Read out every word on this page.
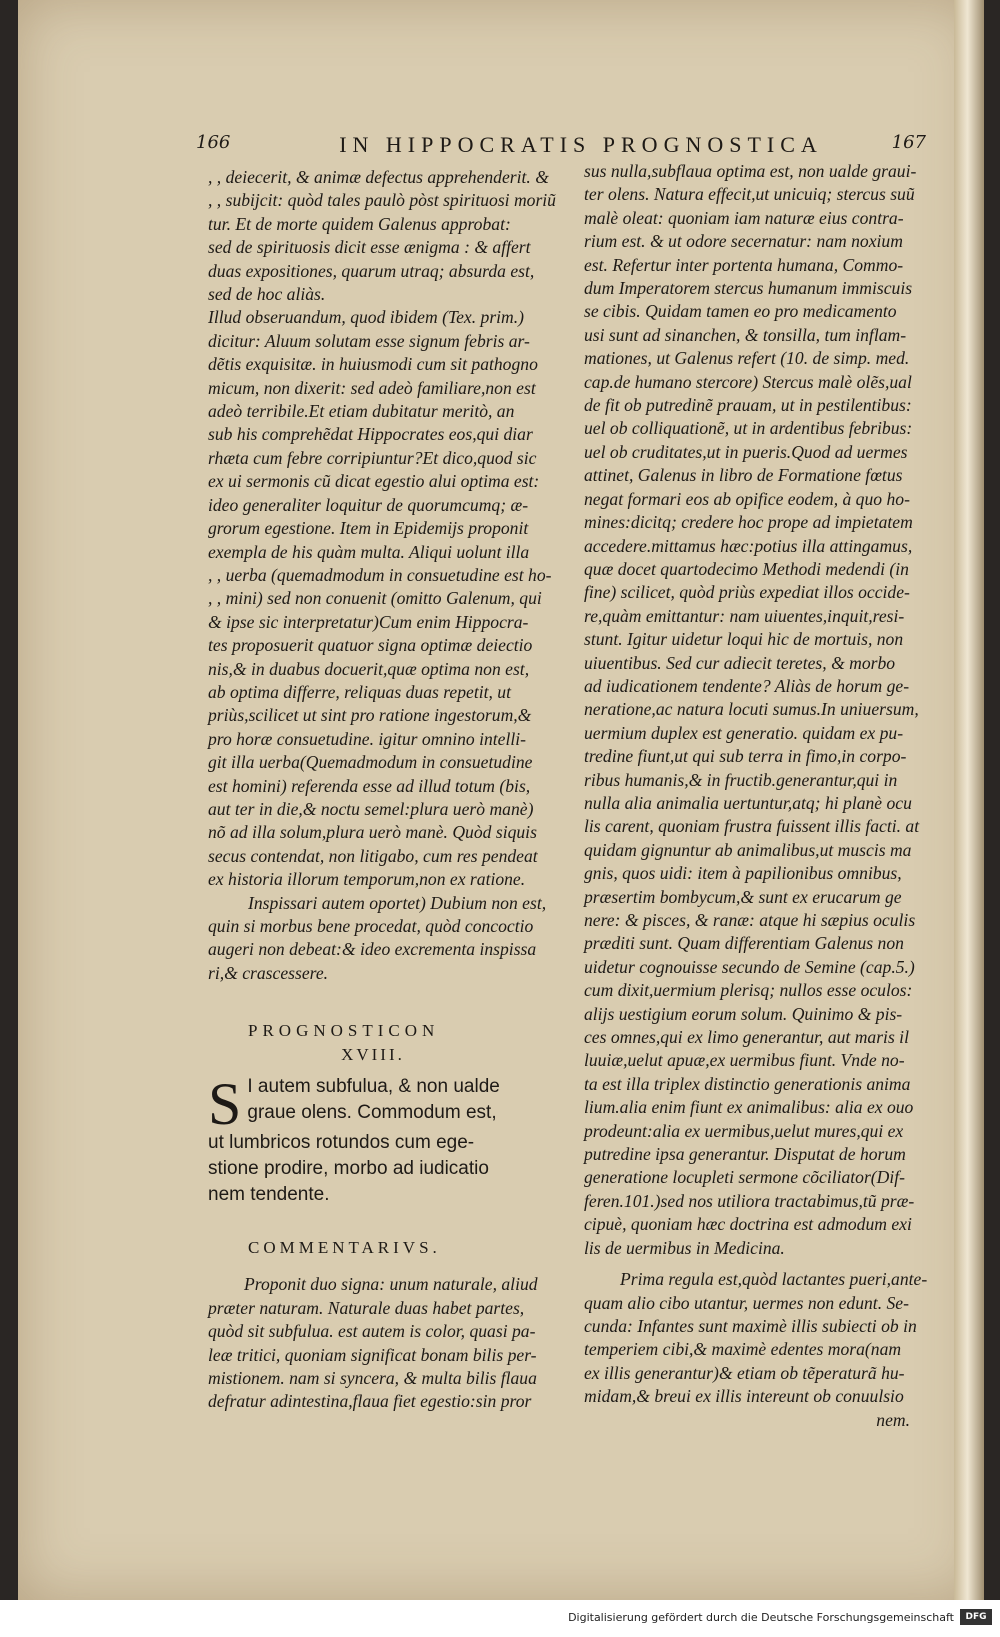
166	IN HIPPOCRATIS PROGNOSTICA	167
, , deiecerit, & animæ defectus apprehenderit. &
, , subijcit: quòd tales paulò pòst spirituosi moriũ
tur. Et de morte quidem Galenus approbat:
sed de spirituosis dicit esse ænigma : & affert
duas expositiones, quarum utraq; absurda est,
sed de hoc aliàs.
Illud obseruandum, quod ibidem (Tex. prim.)
dicitur: Aluum solutam esse signum febris ar-
dẽtis exquisitæ. in huiusmodi cum sit pathogno
micum, non dixerit: sed adeò familiare,non est
adeò terribile.Et etiam dubitatur meritò, an
sub his comprehẽdat Hippocrates eos,qui diar
rhæta cum febre corripiuntur?Et dico,quod sic
ex ui sermonis cũ dicat egestio alui optima est:
ideo generaliter loquitur de quorumcumq; æ-
grorum egestione. Item in Epidemijs proponit
exempla de his quàm multa. Aliqui uolunt illa
, , uerba (quemadmodum in consuetudine est ho-
, , mini) sed non conuenit (omitto Galenum, qui
& ipse sic interpretatur)Cum enim Hippocra-
tes proposuerit quatuor signa optimæ deiectio
nis,& in duabus docuerit,quæ optima non est,
ab optima differre, reliquas duas repetit, ut
priùs,scilicet ut sint pro ratione ingestorum,&
pro horæ consuetudine. igitur omnino intelli-
git illa uerba(Quemadmodum in consuetudine
est homini) referenda esse ad illud totum (bis,
aut ter in die,& noctu semel:plura uerò manè)
nõ ad illa solum,plura uerò manè. Quòd siquis
secus contendat, non litigabo, cum res pendeat
ex historia illorum temporum,non ex ratione.
Inspissari autem oportet) Dubium non est,
quin si morbus bene procedat, quòd concoctio
augeri non debeat:& ideo excrementa inspissa
ri,& crascessere.
PROGNOSTICON
XVIII.
S I autem subfulua, & non ualde
graue olens. Commodum est,
ut lumbricos rotundos cum ege-
stione prodire, morbo ad iudicatio
nem tendente.
COMMENTARIVS.
Proponit duo signa: unum naturale, aliud
præter naturam. Naturale duas habet partes,
quòd sit subfulua. est autem is color, quasi pa-
leæ tritici, quoniam significat bonam bilis per-
mistionem. nam si syncera, & multa bilis flaua
defratur adintestina,flaua fiet egestio:sin pror
sus nulla,subflaua optima est, non ualde graui-
ter olens. Natura effecit,ut unicuiq; stercus suũ
malè oleat: quoniam iam naturæ eius contra-
rium est. & ut odore secernatur: nam noxium
est. Refertur inter portenta humana, Commo-
dum Imperatorem stercus humanum immiscuis
se cibis. Quidam tamen eo pro medicamento
usi sunt ad sinanchen, & tonsilla, tum inflam-
mationes, ut Galenus refert (10. de simp. med.
cap.de humano stercore) Stercus malè olẽs,ual
de fit ob putredinẽ prauam, ut in pestilentibus:
uel ob colliquationẽ, ut in ardentibus febribus:
uel ob cruditates,ut in pueris.Quod ad uermes
attinet, Galenus in libro de Formatione fœtus
negat formari eos ab opifice eodem, à quo ho-
mines:dicitq; credere hoc prope ad impietatem
accedere.mittamus hæc:potius illa attingamus,
quæ docet quartodecimo Methodi medendi (in
fine) scilicet, quòd priùs expediat illos occide-
re,quàm emittantur: nam uiuentes,inquit,resi-
stunt. Igitur uidetur loqui hic de mortuis, non
uiuentibus. Sed cur adiecit teretes, & morbo
ad iudicationem tendente? Aliàs de horum ge-
neratione,ac natura locuti sumus.In uniuersum,
uermium duplex est generatio. quidam ex pu-
tredine fiunt,ut qui sub terra in fimo,in corpo-
ribus humanis,& in fructib.generantur,qui in
nulla alia animalia uertuntur,atq; hi planè ocu
lis carent, quoniam frustra fuissent illis facti. at
quidam gignuntur ab animalibus,ut muscis ma
gnis, quos uidi: item à papilionibus omnibus,
præsertim bombycum,& sunt ex erucarum ge
nere: & pisces, & ranæ: atque hi sæpius oculis
præditi sunt. Quam differentiam Galenus non
uidetur cognouisse secundo de Semine (cap.5.)
cum dixit,uermium plerisq; nullos esse oculos:
alijs uestigium eorum solum. Quinimo & pis-
ces omnes,qui ex limo generantur, aut maris il
luuiæ,uelut apuæ,ex uermibus fiunt. Vnde no-
ta est illa triplex distinctio generationis anima
lium.alia enim fiunt ex animalibus: alia ex ouo
prodeunt:alia ex uermibus,uelut mures,qui ex
putredine ipsa generantur. Disputat de horum
generatione locupleti sermone cõciliator(Dif-
feren.101.)sed nos utiliora tractabimus,tũ præ-
cipuè, quoniam hæc doctrina est admodum exi
lis de uermibus in Medicina.
Prima regula est,quòd lactantes pueri,ante-
quam alio cibo utantur, uermes non edunt. Se-
cunda: Infantes sunt maximè illis subiecti ob in
temperiem cibi,& maximè edentes mora(nam
ex illis generantur)& etiam ob tẽperaturã hu-
midam,& breui ex illis intereunt ob conuulsio
nem.
Digitalisierung gefördert durch die Deutsche Forschungsgemeinschaft	DFG
